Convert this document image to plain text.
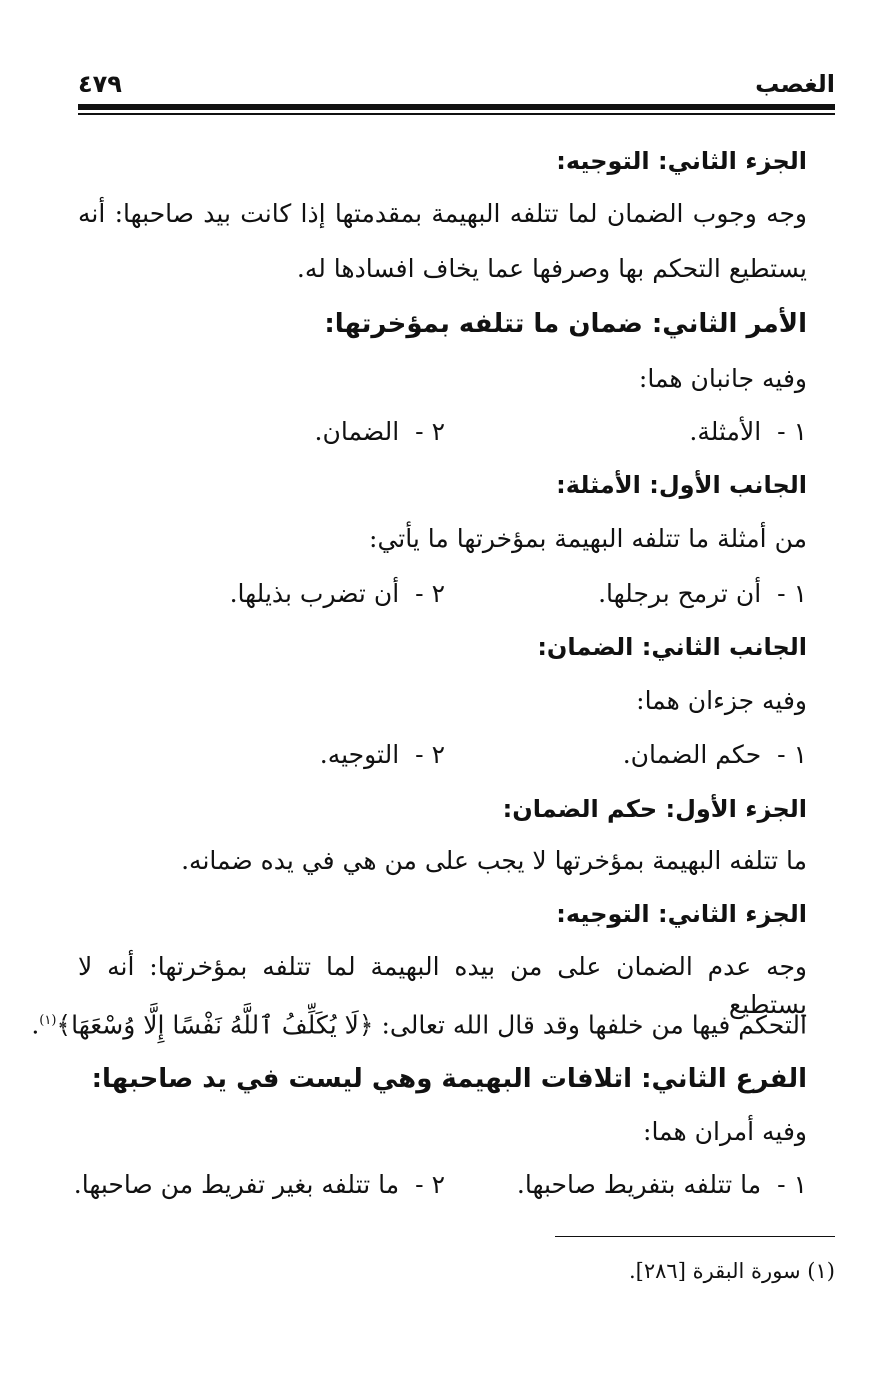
الغصب
٤٧٩
الجزء الثاني: التوجيه:
وجه وجوب الضمان لما تتلفه البهيمة بمقدمتها إذا كانت بيد صاحبها: أنه
يستطيع التحكم بها وصرفها عما يخاف افسادها له.
الأمر الثاني: ضمان ما تتلفه بمؤخرتها:
وفيه جانبان هما:
١ -الأمثلة.
٢ -الضمان.
الجانب الأول: الأمثلة:
من أمثلة ما تتلفه البهيمة بمؤخرتها ما يأتي:
١ -أن ترمح برجلها.
٢ -أن تضرب بذيلها.
الجانب الثاني: الضمان:
وفيه جزءان هما:
١ -حكم الضمان.
٢ -التوجيه.
الجزء الأول: حكم الضمان:
ما تتلفه البهيمة بمؤخرتها لا يجب على من هي في يده ضمانه.
الجزء الثاني: التوجيه:
وجه عدم الضمان على من بيده البهيمة لما تتلفه بمؤخرتها: أنه لا يستطيع
التحكم فيها من خلفها وقد قال الله تعالى: ﴿لَا يُكَلِّفُ ٱللَّهُ نَفْسًا إِلَّا وُسْعَهَا﴾$^{(١)}$.
الفرع الثاني: اتلافات البهيمة وهي ليست في يد صاحبها:
وفيه أمران هما:
١ -ما تتلفه بتفريط صاحبها.
٢ -ما تتلفه بغير تفريط من صاحبها.
(١) سورة البقرة [٢٨٦].
